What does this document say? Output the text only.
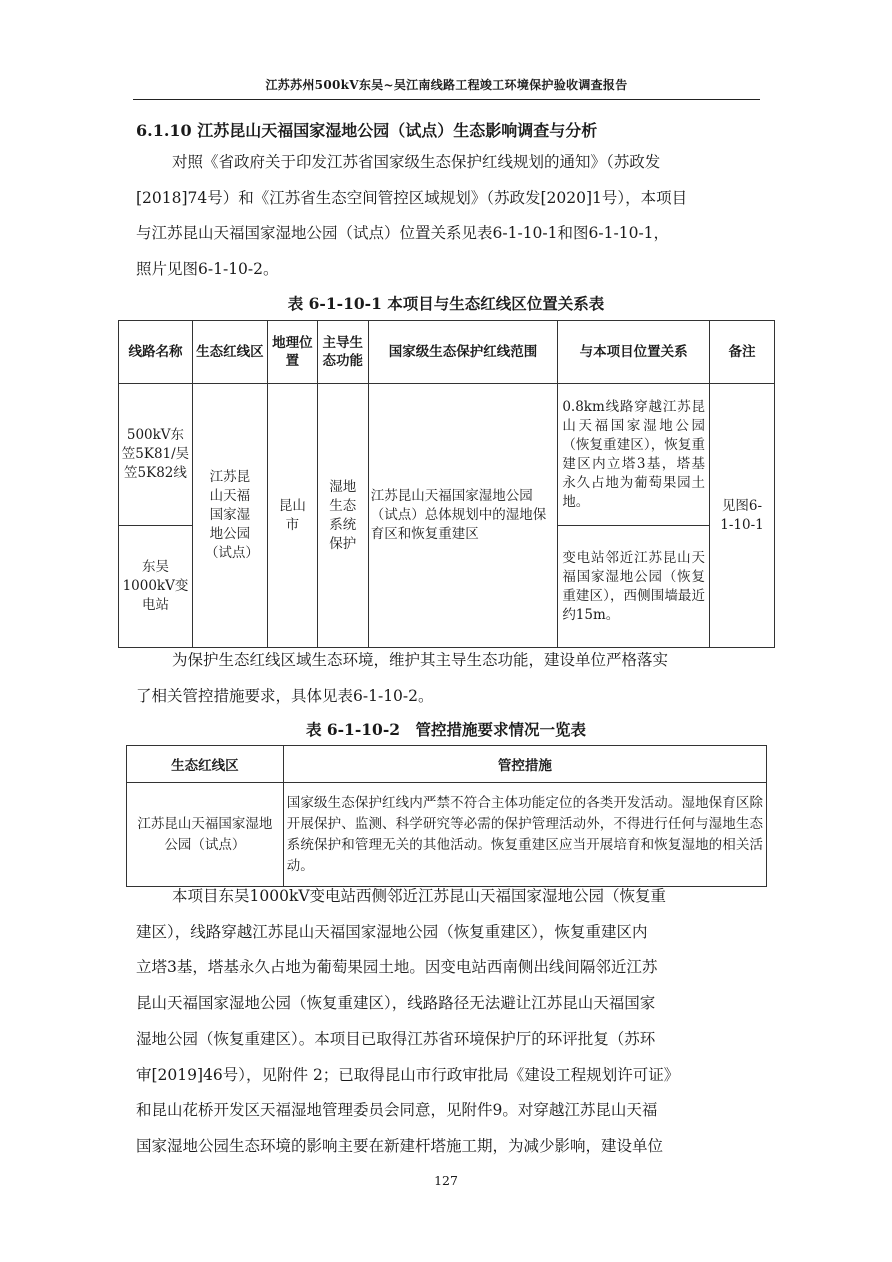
江苏苏州500kV东吴~吴江南线路工程竣工环境保护验收调查报告
6.1.10 江苏昆山天福国家湿地公园（试点）生态影响调查与分析
对照《省政府关于印发江苏省国家级生态保护红线规划的通知》（苏政发
[2018]74号）和《江苏省生态空间管控区域规划》（苏政发[2020]1号），本项目
与江苏昆山天福国家湿地公园（试点）位置关系见表6-1-10-1和图6-1-10-1，
照片见图6-1-10-2。
表 6-1-10-1 本项目与生态红线区位置关系表
线路名称	生态红线区	地理位置	主导生态功能	国家级生态保护红线范围	与本项目位置关系	备注
500kV东笠5K81/吴笠5K82线	江苏昆山天福国家湿地公园（试点）	昆山市	湿地生态系统保护	江苏昆山天福国家湿地公园（试点）总体规划中的湿地保育区和恢复重建区	0.8km线路穿越江苏昆山天福国家湿地公园（恢复重建区），恢复重建区内立塔3基，塔基永久占地为葡萄果园土地。	见图6-1-10-1
东吴1000kV变电站					变电站邻近江苏昆山天福国家湿地公园（恢复重建区），西侧围墙最近约15m。	
为保护生态红线区域生态环境，维护其主导生态功能，建设单位严格落实
了相关管控措施要求，具体见表6-1-10-2。
表 6-1-10-2　管控措施要求情况一览表
生态红线区	管控措施
江苏昆山天福国家湿地公园（试点）	国家级生态保护红线内严禁不符合主体功能定位的各类开发活动。湿地保育区除开展保护、监测、科学研究等必需的保护管理活动外，不得进行任何与湿地生态系统保护和管理无关的其他活动。恢复重建区应当开展培育和恢复湿地的相关活动。
本项目东吴1000kV变电站西侧邻近江苏昆山天福国家湿地公园（恢复重
建区），线路穿越江苏昆山天福国家湿地公园（恢复重建区），恢复重建区内
立塔3基，塔基永久占地为葡萄果园土地。因变电站西南侧出线间隔邻近江苏
昆山天福国家湿地公园（恢复重建区），线路路径无法避让江苏昆山天福国家
湿地公园（恢复重建区）。本项目已取得江苏省环境保护厅的环评批复（苏环
审[2019]46号），见附件 2；已取得昆山市行政审批局《建设工程规划许可证》
和昆山花桥开发区天福湿地管理委员会同意，见附件9。对穿越江苏昆山天福
国家湿地公园生态环境的影响主要在新建杆塔施工期，为减少影响，建设单位
127
